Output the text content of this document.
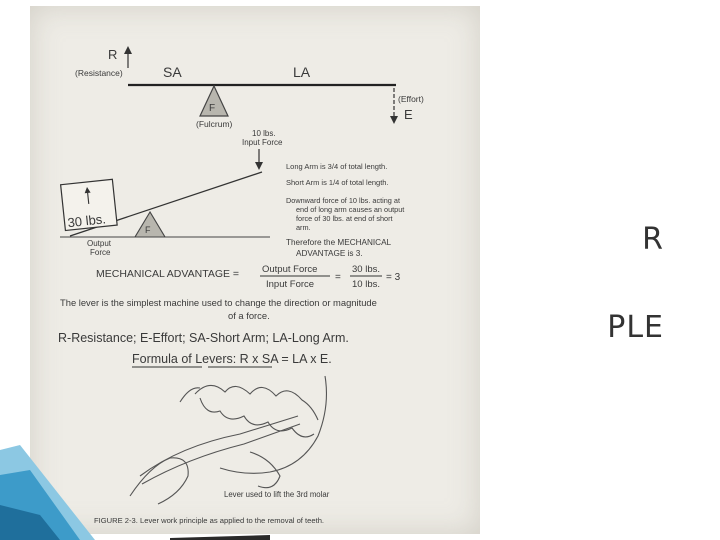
R
(Resistance)	SA	LA
F
(Fulcrum)
(Effort)
E
10 lbs.
Input Force
30 lbs.	F
Output
Force
Long Arm is 3/4 of total length.
Short Arm is 1/4 of total length.
Downward force of 10 lbs. acting at
end of long arm causes an output
force of 30 lbs. at end of short
arm.
Therefore the MECHANICAL
ADVANTAGE is 3.
MECHANICAL ADVANTAGE = Output Force
Input Force
=
30 lbs.
10 lbs.
= 3
The lever is the simplest machine used to change the direction or magnitude
of a force.
R-Resistance; E-Effort; SA-Short Arm; LA-Long Arm.
Formula of Levers: R x SA = LA x E.
Lever used to lift the 3rd molar
FIGURE 2-3. Lever work principle as applied to the removal of teeth.
R
PLE
